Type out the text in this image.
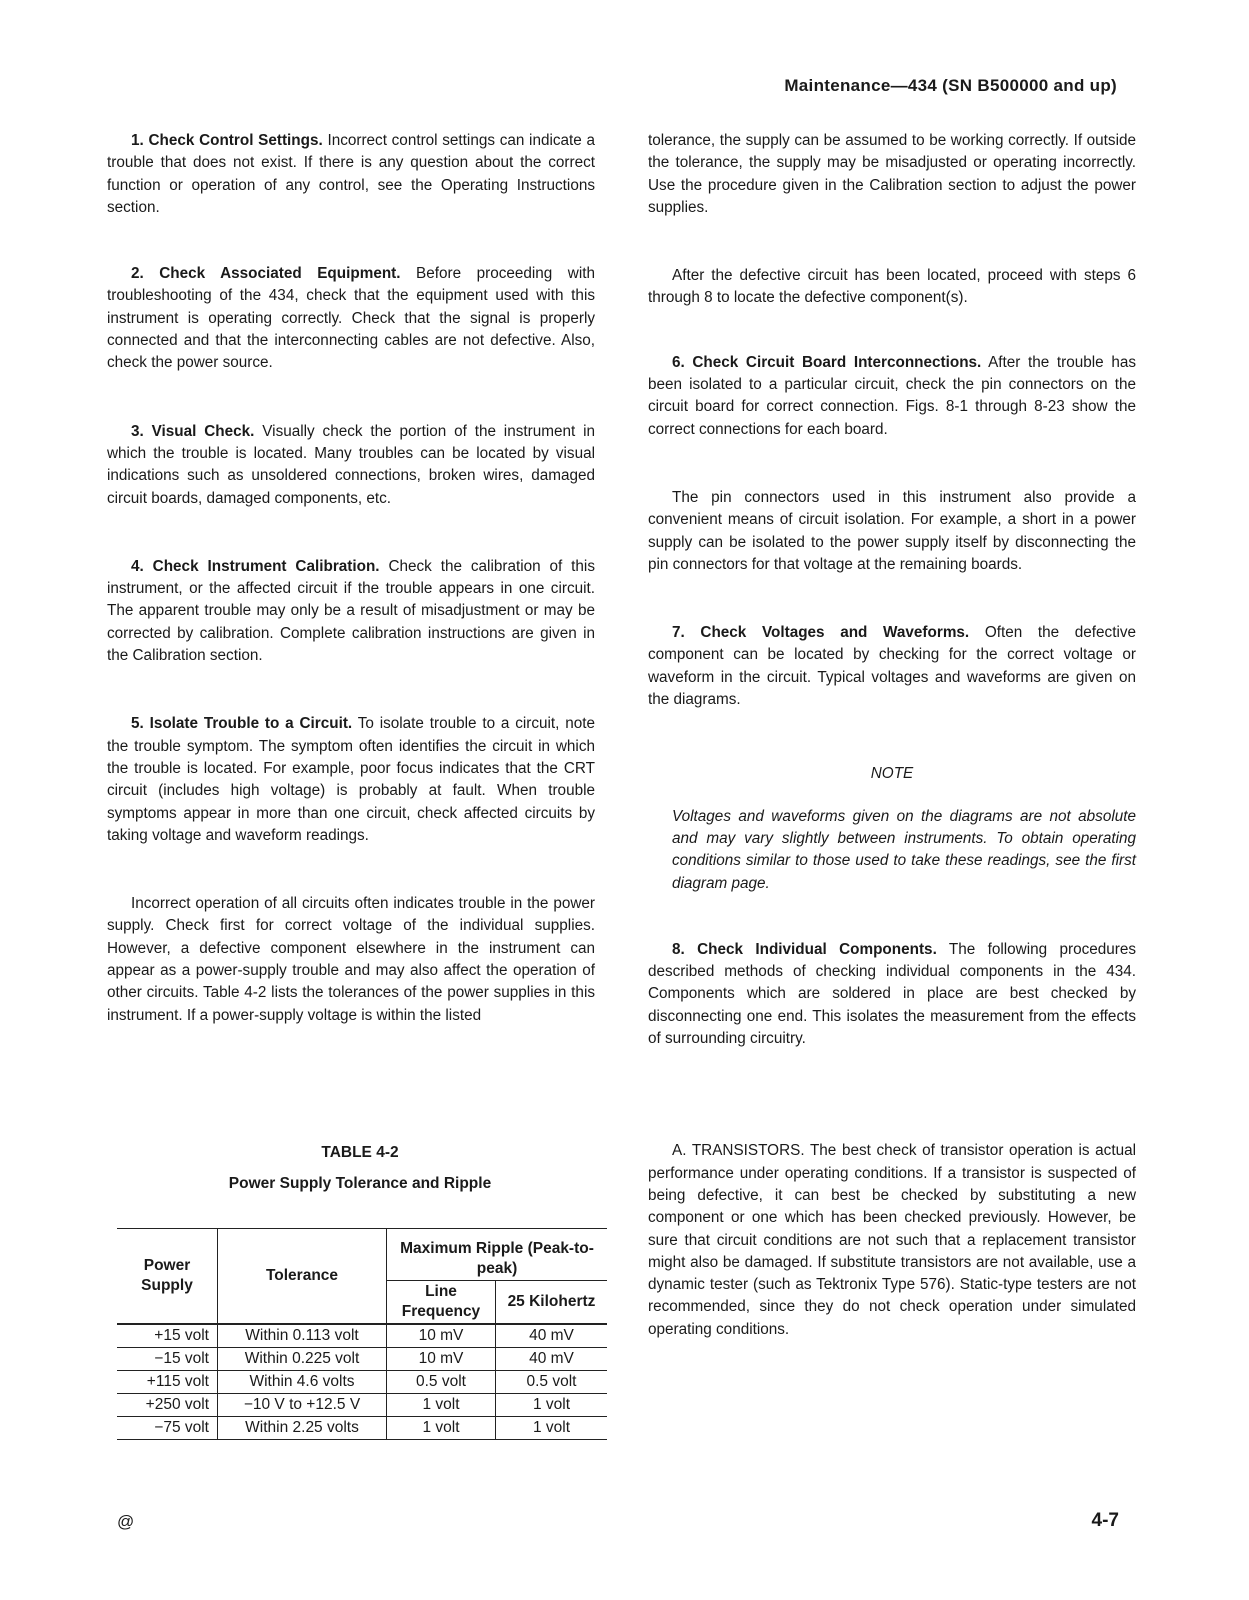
Maintenance—434 (SN B500000 and up)

1. Check Control Settings. Incorrect control settings can indicate a trouble that does not exist. If there is any question about the correct function or operation of any control, see the Operating Instructions section.

2. Check Associated Equipment. Before proceeding with troubleshooting of the 434, check that the equipment used with this instrument is operating correctly. Check that the signal is properly connected and that the interconnecting cables are not defective. Also, check the power source.

3. Visual Check. Visually check the portion of the instrument in which the trouble is located. Many troubles can be located by visual indications such as unsoldered connections, broken wires, damaged circuit boards, damaged components, etc.

4. Check Instrument Calibration. Check the calibration of this instrument, or the affected circuit if the trouble appears in one circuit. The apparent trouble may only be a result of misadjustment or may be corrected by calibration. Complete calibration instructions are given in the Calibration section.

5. Isolate Trouble to a Circuit. To isolate trouble to a circuit, note the trouble symptom. The symptom often identifies the circuit in which the trouble is located. For example, poor focus indicates that the CRT circuit (includes high voltage) is probably at fault. When trouble symptoms appear in more than one circuit, check affected circuits by taking voltage and waveform readings.

Incorrect operation of all circuits often indicates trouble in the power supply. Check first for correct voltage of the individual supplies. However, a defective component elsewhere in the instrument can appear as a power-supply trouble and may also affect the operation of other circuits. Table 4-2 lists the tolerances of the power supplies in this instrument. If a power-supply voltage is within the listed

TABLE 4-2
Power Supply Tolerance and Ripple
Power Supply	Tolerance	Maximum Ripple (Peak-to-peak)	
		Line Frequency	25 Kilohertz
+15 volt	Within 0.113 volt	10 mV	40 mV
−15 volt	Within 0.225 volt	10 mV	40 mV
+115 volt	Within 4.6 volts	0.5 volt	0.5 volt
+250 volt	−10 V to +12.5 V	1 volt	1 volt
−75 volt	Within 2.25 volts	1 volt	1 volt

tolerance, the supply can be assumed to be working correctly. If outside the tolerance, the supply may be misadjusted or operating incorrectly. Use the procedure given in the Calibration section to adjust the power supplies.

After the defective circuit has been located, proceed with steps 6 through 8 to locate the defective component(s).

6. Check Circuit Board Interconnections. After the trouble has been isolated to a particular circuit, check the pin connectors on the circuit board for correct connection. Figs. 8-1 through 8-23 show the correct connections for each board.

The pin connectors used in this instrument also provide a convenient means of circuit isolation. For example, a short in a power supply can be isolated to the power supply itself by disconnecting the pin connectors for that voltage at the remaining boards.

7. Check Voltages and Waveforms. Often the defective component can be located by checking for the correct voltage or waveform in the circuit. Typical voltages and waveforms are given on the diagrams.

NOTE

Voltages and waveforms given on the diagrams are not absolute and may vary slightly between instruments. To obtain operating conditions similar to those used to take these readings, see the first diagram page.

8. Check Individual Components. The following procedures described methods of checking individual components in the 434. Components which are soldered in place are best checked by disconnecting one end. This isolates the measurement from the effects of surrounding circuitry.

A. TRANSISTORS. The best check of transistor operation is actual performance under operating conditions. If a transistor is suspected of being defective, it can best be checked by substituting a new component or one which has been checked previously. However, be sure that circuit conditions are not such that a replacement transistor might also be damaged. If substitute transistors are not available, use a dynamic tester (such as Tektronix Type 576). Static-type testers are not recommended, since they do not check operation under simulated operating conditions.

@	4-7
